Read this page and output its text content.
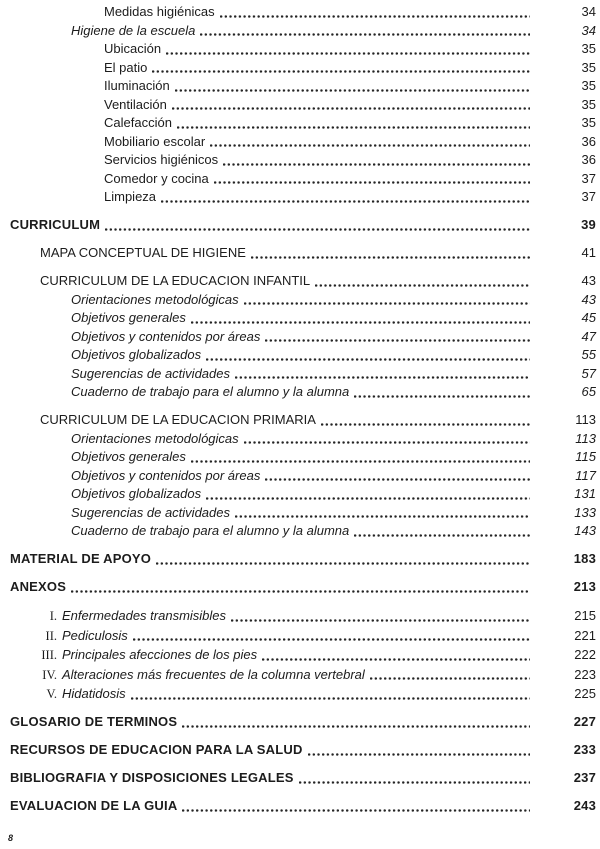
Medidas higiénicas	34
Higiene de la escuela	34
Ubicación	35
El patio	35
Iluminación	35
Ventilación	35
Calefacción	35
Mobiliario escolar	36
Servicios higiénicos	36
Comedor y cocina	37
Limpieza	37
CURRICULUM	39
MAPA CONCEPTUAL DE HIGIENE	41
CURRICULUM DE LA EDUCACION INFANTIL	43
Orientaciones metodológicas	43
Objetivos generales	45
Objetivos y contenidos por áreas	47
Objetivos globalizados	55
Sugerencias de actividades	57
Cuaderno de trabajo para el alumno y la alumna	65
CURRICULUM DE LA EDUCACION PRIMARIA	113
Orientaciones metodológicas	113
Objetivos generales	115
Objetivos y contenidos por áreas	117
Objetivos globalizados	131
Sugerencias de actividades	133
Cuaderno de trabajo para el alumno y la alumna	143
MATERIAL DE APOYO	183
ANEXOS	213
I. Enfermedades transmisibles	215
II. Pediculosis	221
III. Principales afecciones de los pies	222
IV. Alteraciones más frecuentes de la columna vertebral	223
V. Hidatidosis	225
GLOSARIO DE TERMINOS	227
RECURSOS DE EDUCACION PARA LA SALUD	233
BIBLIOGRAFIA Y DISPOSICIONES LEGALES	237
EVALUACION DE LA GUIA	243
8
